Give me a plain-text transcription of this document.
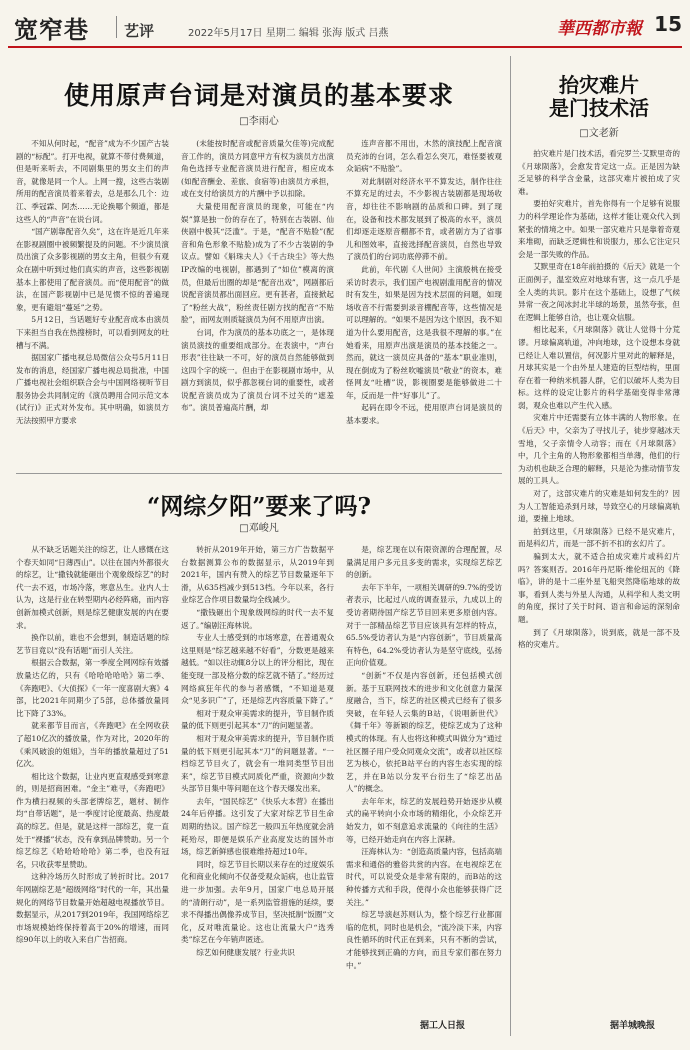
宽窄巷 艺评	2022年5月17日 星期二 编辑 张海 版式 吕燕	華西都市報 15
使用原声台词是对演员的基本要求
□李雨心

不知从何时起，“配音”成为不少国产古装剧的“标配”。打开电视，就算不带付费频道，但是听来听去，不同剧集里的男女主们的声音，就像是同一个人。上网一搜，这些古装剧所用的配音演员着来着去，总是那么几个：边江、季冠霖、阿杰……无论换哪个频道，都是这些人的“声音”在说台词。

“国产剧靠配音久矣”，这在许是近几年来在影视剧圈中被频繁提及的问题。不少演员演员出演了众多影视剧的男女主角，但很少有观众在剧中听到过他们真实的声音，这些影视剧基本上都使用了配音演员。而“使用配音”的做法，在国产影视剧中已是见惯不惊的普遍现象，更有避俎“蔓延”之势。

5月12日，当话题好专业配音成本由演员下来担当自我在热搜榜时，可以看到网友的吐槽与不满。

据国家广播电视总局微信公众号5月11日发布的消息，经国家广播电视总局批准，中国广播电视社会组织联合会与中国网络视听节目服务协会共同制定的《演员聘用合同示范文本(试行)》正式对外发布。其中明确，如演员方无法按照甲方要求

(未能按时配音或配音质量欠佳等)完成配音工作的，演员方同意甲方有权为演员方出演角色选择专业配音演员进行配音，相应成本(如配音酬金、差旅、食宿等)由演员方承担，或在支付给演员方的片酬中予以扣除。

大量使用配音演员的现象，可能在“内娱”算是独一份的存在了，特别在古装剧、仙侠剧中极其“泛滥”。于是，“配音不贴脸”(配音和角色形象不贴脸)成为了不少古装剧的争议点。譬如《斛珠夫人》《千古玦尘》等大热IP改编的电视剧，都遇到了“如位”模离的演员，但最后出圈的却是“配音出戏”，网剧都后说配音演员都出面回应。更有甚者，直接掀起了“粉丝大战”，粉丝责任剧方找的配音“不贴脸”，而网友则质疑演员为何不用原声出演。

台词，作为演员的基本功底之一，是体现演员演技的重要组成部分。在表演中，“声台形表”往往缺一不可，好的演员自然能够做到这四个字的统一。但由于在影视剧市场中，从剧方到演员，似乎都忽视台词的重要性，或者说配音演员成为了演员台词不过关的“遮羞布”。演员普遍高片酬，却

连声音都不用出，木然的演技配上配音演员充沛的台词，怎么看怎么突兀，难怪要被观众诟病“不贴脸”。

对此制剧对经济水平不算发达，制作往往不算充足的过去，不少影视古装剧都是现场收音，却往往不影响剧的品质和口碑。到了现在，设备和技术都发展到了极高的水平，演员们却逐走逐原音棚都不肯，或者剧方为了省事儿和图效率，直接选择配音演员，自然也导致了演员们的台词功底停滞不前。

此前，年代剧《人世间》主演殷桃在接受采访时表示，我们国产电视剧滥用配音的情况时有发生，如果是因为技术层面的问题，如现场收音不行需要到录音棚配音等，这些情况是可以理解的。“如果不是因为这个原因，我不知道为什么要用配音，这是我很不理解的事。”在她看来，用原声出演是演员的基本技能之一。然而，就这一演员应具备的“基本”职业准则，现在倒成为了粉丝吹嘘演员“敬业”的资本，难怪网友“吐槽”说，影视圈要是能够做进二十年，反而是一件“好事儿”了。

起码在即令不远，使用原声台词是演员的基本要求。

“网综夕阳”要来了吗?
□邓峻凡

从不缺乏话题关注的综艺，让人感慨在这个春天如同“日薄西山”。以往在国内外都很火的综艺，让“撒钱就能砸出个观象级综艺”的时代一去不返，市场冷落，寒意丛生。业内人士认为，这是行业在转型期内必经阵痛，而内容创新加模式创新，则是综艺健康发展的内在要求。

换作以前，谁也不会想到，制造话题的综艺节目竟以“没有话题”而引人关注。

根据云合数据，第一季度全网网综有效播放量达亿的，只有《哈哈哈哈哈》第二季、《奔跑吧》、《大侦探》《一年一度喜剧大赛》4部，比2021年同期少了5部，总体播放量同比下降了33%。

就来都节目而言，《奔跑吧》在全网收获了超10亿次的播放量，作为对比，2020年的《乘风破浪的姐姐》，当年的播放量超过了51亿次。

相比这个数据，让业内更直观感受到寒意的，则是招商困难。“金主”难寻，《奔跑吧》作为横扫视频的头部老牌综艺，题材、制作均“自带话题”，是一季度讨论度最高、热度最高的综艺。但是，就是这样一部综艺，竟一直处于“裸播”状态，没有拿到品牌赞助。另一个综艺综艺《哈哈哈哈哈》第二季，也没有冠名，只收获零星赞助。

这种冷场历久时形成了转折时比。2017年网剧综艺是“超级网络”时代的一年，其出量规化的网络节目数量开始超越电视播放节目。数据显示，从2017到2019年，我国网络综艺市场规模始终保持着高于20%的增速，而同综90年以上的收入来自广告招商。

转折从2019年开始，第三方广告数据平台数据测算公布的数据显示，从2019年到2021年，国内有赞入的综艺节目数量逐年下滑，从635档减少到513档。今年以来，各行业综艺合作项目数量均全线减少。

“撒钱砸出个现象级网综的时代一去不复返了。”编剧汪海林说。

专业人士感受到的市场寒意，在普通观众这里则是“综艺越来越不好看”，分数更是越来越低。“如以往动辄8分以上的评分相比，现在能变现一部及格分数的综艺就不错了。”经历过网络疯狂年代的参与者感慨，“不知道是观众“见多识广”了，还是综艺内容质量下降了。”

相对于观众审美需求的提升，节目制作质量的低下则更引起其本“刀”的问题显著。

相对于观众审美需求的提升，节目制作质量的低下则更引起其本“刀”的问题显著。“一档综艺节目火了，就会有一堆同类型节目出来”，综艺节目模式同质化严重，资源向少数头部节目集中等问题在这个春天爆发出来。

去年，“国民综艺”《快乐大本营》在播出24年后停播。这引发了大家对综艺节目生命周期的热议。国产综艺一般四五年热度就会消耗殆尽，即便是娱乐产业高度发达的国外市场，综艺新鲜感也很难维持超过10年。

同时，综艺节目长期以来存在的过度娱乐化和商业化倾向不仅备受观众诟病，也让监管进一步加强。去年9月，国家广电总局开展的“清朗行动”，是一系列监管措施的延续，要求不得播出偶像养成节目，坚决抵制“饭圈”文化，反对唯流量论。这也让流量大户“选秀类”综艺在今年销声匿迹。

综艺如何健康发展？行业共识

是，综艺现在以有限资源的合理配置，尽量满足用户多元且多变的需求，实现综艺综艺的创新。

去年下半年，一项相关调研的9.7%的受访者表示，比起过八成的调查显示，九成以上的受访者期待国产综艺节目回来更多原创内容。对于一部精品综艺节目应该具有怎样的特点，65.5%受访者认为是“内容创新”，节目质量高有特色，64.2%受访者认为是坚守底线，弘扬正向价值观。

“创新”不仅是内容创新，还包括模式创新。基于互联网技术的进步和文化创意力量深度融合，当下，综艺的社区模式已经有了很多突破，在年轻人云集的B站，《说唱新世代》《舞千年》等新颖的综艺，使综艺成为了这种模式的体现。有人也将这种模式叫做分为“通过社区圈子用户受众同观众交流”，或者以社区综艺为核心，依托B站平台的内容生态实现的综艺，并在B站以分发平台衍生了“综艺出品人”的概念。

去年年末，综艺的发展趋势开始逐步从模式的扁平转向小众市场的精细化，小众综艺开始发力，如不刻意追求流量的《向往的生活》等，已经开始走向在内容上深耕。

汪海林认为：“创造高质量内容，包括高端需求和通俗的雅俗共赏的内容。在电视综艺在时代，可以说受众是非常有限的，而B站的这种传播方式和手段，使得小众也能够获得广泛关注。”

综艺导演赵苏则认为，整个综艺行业都面临的危机，同时也是机会，“流冷淡下来，内容良性循环的时代正在到来，只有不断的尝试，才能够找到正确的方向，而且专家们都在努力中。”

据工人日报
抬灾难片
是门技术活
□文老新

拍灾难片是门技术活，看完罗兰·艾默里奇的《月球陨落》，会愈发肯定这一点。正是因为缺乏足够的科学含金量，这部灾难片被拍成了灾难。

要拍好灾难片，首先你得有一个足够有说服力的科学理论作为基础，这样才能让观众代入到紧张的情境之中。如果一部灾难片只是靠着奇观来堆砌，而缺乏逻辑性和说服力，那么它注定只会是一部失败的作品。

艾默里奇在18年前拍摄的《后天》就是一个正面例子，温室效应对地球有害，这一点几乎是全人类的共识。影片在这个基础上，设想了气候异常一夜之间冰封北半球的场景，虽然夸张，但在逻辑上能够自洽，也让观众信服。

相比起来，《月球陨落》就让人觉得十分荒谬。月球偏离轨道，冲向地球，这个设想本身就已经让人难以置信，何况影片里对此的解释是，月球其实是一个由外星人建造的巨型结构，里面存在着一种纳米机器人群，它们以破坏人类为目标。这样的设定让影片的科学基础变得非常薄弱，观众也难以产生代入感。

灾难片中还需要有立体丰满的人物形象。在《后天》中，父亲为了寻找儿子，徒步穿越冰天雪地，父子亲情令人动容；而在《月球陨落》中，几个主角的人物形象都相当单薄，他们的行为动机也缺乏合理的解释，只是沦为推动情节发展的工具人。

对了，这部灾难片的灾难是如何发生的？因为人工智能追杀到月球，导致空心的月球偏离轨道，要撞上地球。

拍到这里，《月球陨落》已经不是灾难片，而是科幻片，而是一部不折不扣的玄幻片了。

骗到太大，就不适合拍成灾难片或科幻片吗？答案则否。2016年丹尼斯·维伦纽瓦的《降临》，讲的是十二座外星飞船突然降临地球的故事，看到人类与外星人沟通，从科学和人类文明的角度，探讨了关于时间、语言和命运的深刻命题。

到了《月球陨落》，说到底，就是一部不及格的灾难片。

据羊城晚报
